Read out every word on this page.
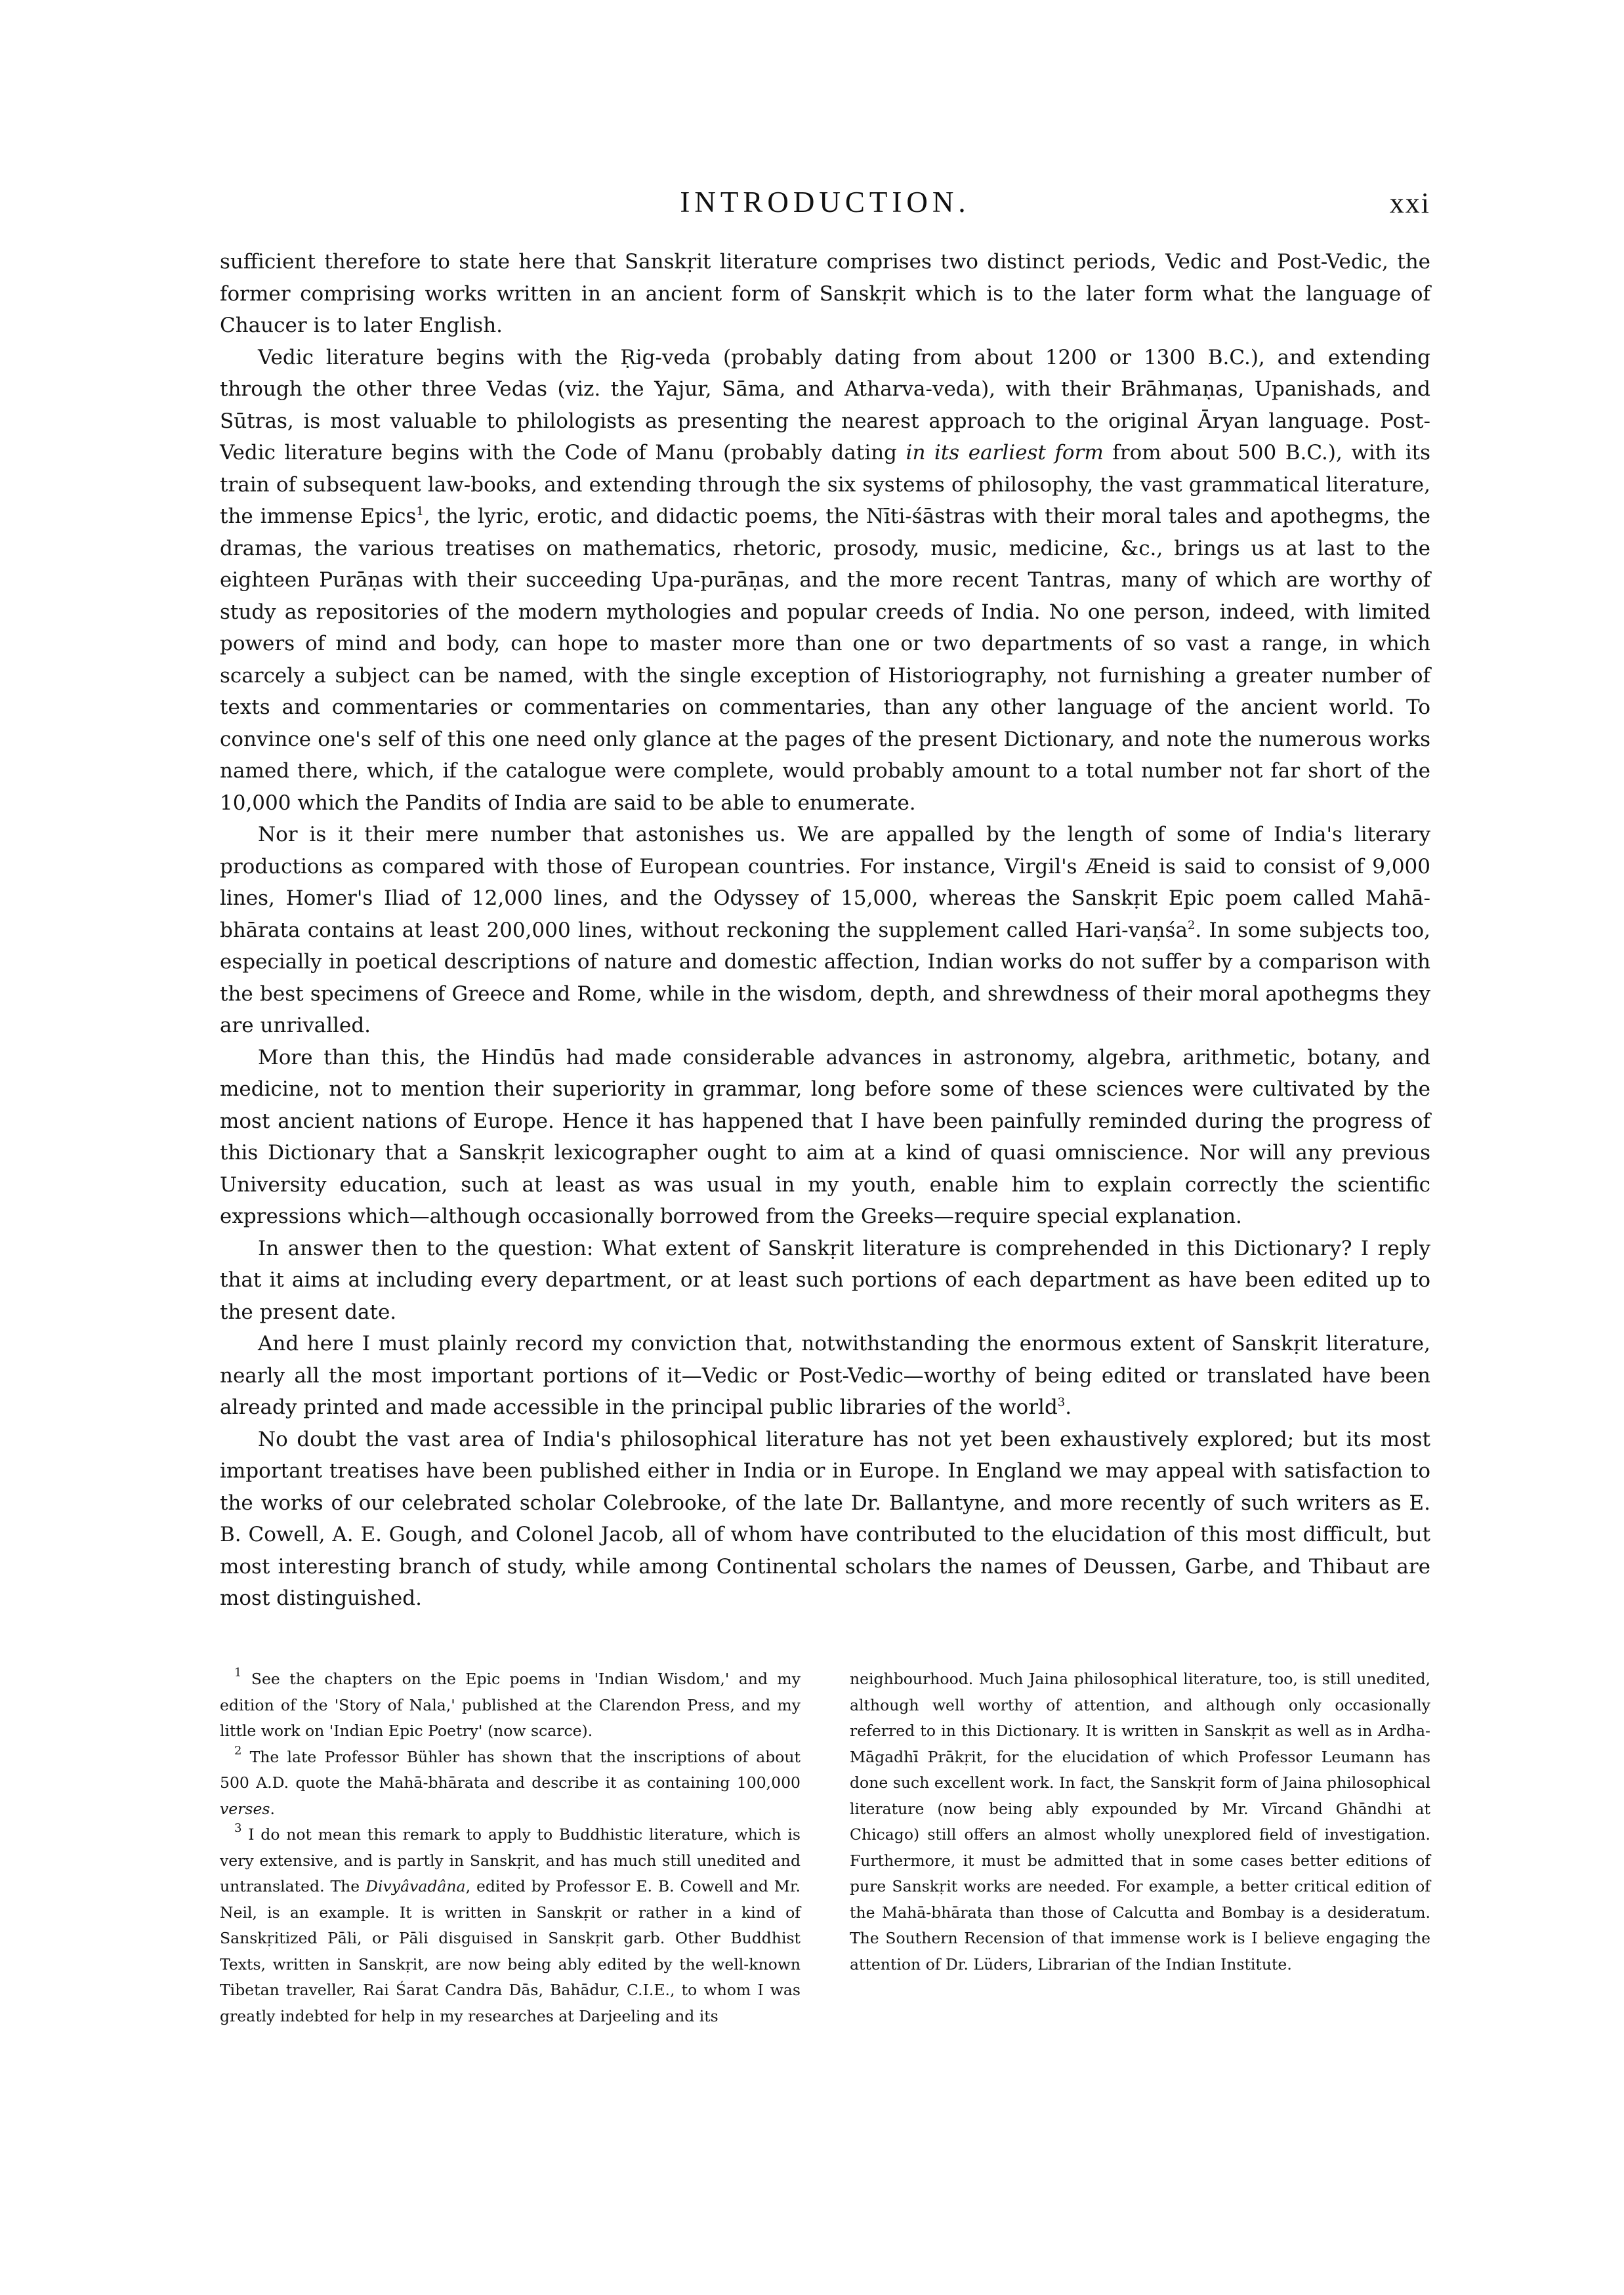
INTRODUCTION.	xxi

sufficient therefore to state here that Sanskṛit literature comprises two distinct periods, Vedic and Post-Vedic, the former comprising works written in an ancient form of Sanskṛit which is to the later form what the language of Chaucer is to later English.

Vedic literature begins with the Ṛig-veda (probably dating from about 1200 or 1300 B.C.), and extending through the other three Vedas (viz. the Yajur, Sāma, and Atharva-veda), with their Brāhmaṇas, Upanishads, and Sūtras, is most valuable to philologists as presenting the nearest approach to the original Āryan language. Post-Vedic literature begins with the Code of Manu (probably dating in its earliest form from about 500 B.C.), with its train of subsequent law-books, and extending through the six systems of philosophy, the vast grammatical literature, the immense Epics$^1$, the lyric, erotic, and didactic poems, the Nīti-śāstras with their moral tales and apothegms, the dramas, the various treatises on mathematics, rhetoric, prosody, music, medicine, &c., brings us at last to the eighteen Purāṇas with their succeeding Upa-purāṇas, and the more recent Tantras, many of which are worthy of study as repositories of the modern mythologies and popular creeds of India. No one person, indeed, with limited powers of mind and body, can hope to master more than one or two departments of so vast a range, in which scarcely a subject can be named, with the single exception of Historiography, not furnishing a greater number of texts and commentaries or commentaries on commentaries, than any other language of the ancient world. To convince one's self of this one need only glance at the pages of the present Dictionary, and note the numerous works named there, which, if the catalogue were complete, would probably amount to a total number not far short of the 10,000 which the Pandits of India are said to be able to enumerate.

Nor is it their mere number that astonishes us. We are appalled by the length of some of India's literary productions as compared with those of European countries. For instance, Virgil's Æneid is said to consist of 9,000 lines, Homer's Iliad of 12,000 lines, and the Odyssey of 15,000, whereas the Sanskṛit Epic poem called Mahā-bhārata contains at least 200,000 lines, without reckoning the supplement called Hari-vaṇśa$^2$. In some subjects too, especially in poetical descriptions of nature and domestic affection, Indian works do not suffer by a comparison with the best specimens of Greece and Rome, while in the wisdom, depth, and shrewdness of their moral apothegms they are unrivalled.

More than this, the Hindūs had made considerable advances in astronomy, algebra, arithmetic, botany, and medicine, not to mention their superiority in grammar, long before some of these sciences were cultivated by the most ancient nations of Europe. Hence it has happened that I have been painfully reminded during the progress of this Dictionary that a Sanskṛit lexicographer ought to aim at a kind of quasi omniscience. Nor will any previous University education, such at least as was usual in my youth, enable him to explain correctly the scientific expressions which—although occasionally borrowed from the Greeks—require special explanation.

In answer then to the question: What extent of Sanskṛit literature is comprehended in this Dictionary? I reply that it aims at including every department, or at least such portions of each department as have been edited up to the present date.

And here I must plainly record my conviction that, notwithstanding the enormous extent of Sanskṛit literature, nearly all the most important portions of it—Vedic or Post-Vedic—worthy of being edited or translated have been already printed and made accessible in the principal public libraries of the world$^3$.

No doubt the vast area of India's philosophical literature has not yet been exhaustively explored; but its most important treatises have been published either in India or in Europe. In England we may appeal with satisfaction to the works of our celebrated scholar Colebrooke, of the late Dr. Ballantyne, and more recently of such writers as E. B. Cowell, A. E. Gough, and Colonel Jacob, all of whom have contributed to the elucidation of this most difficult, but most interesting branch of study, while among Continental scholars the names of Deussen, Garbe, and Thibaut are most distinguished.

$^1$ See the chapters on the Epic poems in 'Indian Wisdom,' and my edition of the 'Story of Nala,' published at the Clarendon Press, and my little work on 'Indian Epic Poetry' (now scarce).

$^2$ The late Professor Bühler has shown that the inscriptions of about 500 A.D. quote the Mahā-bhārata and describe it as containing 100,000 verses.

$^3$ I do not mean this remark to apply to Buddhistic literature, which is very extensive, and is partly in Sanskṛit, and has much still unedited and untranslated. The Divyâvadâna, edited by Professor E. B. Cowell and Mr. Neil, is an example. It is written in Sanskṛit or rather in a kind of Sanskṛitized Pāli, or Pāli disguised in Sanskṛit garb. Other Buddhist Texts, written in Sanskṛit, are now being ably edited by the well-known Tibetan traveller, Rai Śarat Candra Dās, Bahādur, C.I.E., to whom I was greatly indebted for help in my researches at Darjeeling and its

neighbourhood. Much Jaina philosophical literature, too, is still unedited, although well worthy of attention, and although only occasionally referred to in this Dictionary. It is written in Sanskṛit as well as in Ardha-Māgadhī Prākṛit, for the elucidation of which Professor Leumann has done such excellent work. In fact, the Sanskṛit form of Jaina philosophical literature (now being ably expounded by Mr. Vīrcand Ghāndhi at Chicago) still offers an almost wholly unexplored field of investigation. Furthermore, it must be admitted that in some cases better editions of pure Sanskṛit works are needed. For example, a better critical edition of the Mahā-bhārata than those of Calcutta and Bombay is a desideratum. The Southern Recension of that immense work is I believe engaging the attention of Dr. Lüders, Librarian of the Indian Institute.
